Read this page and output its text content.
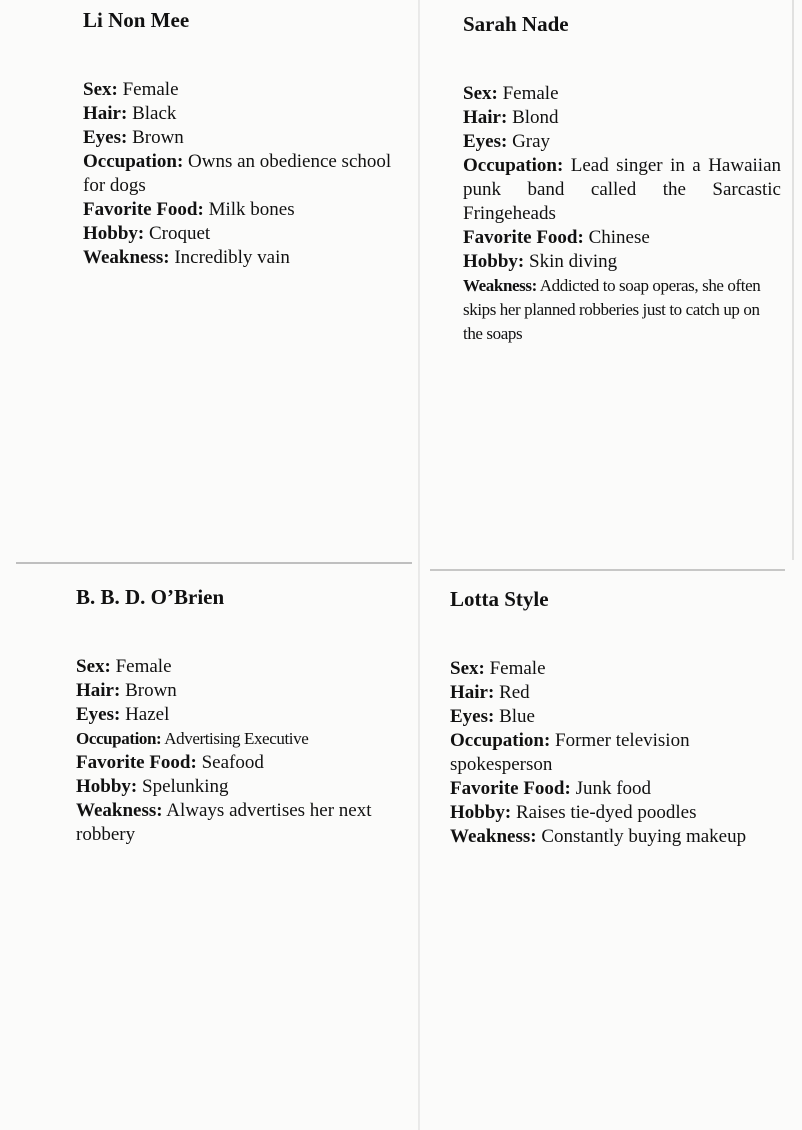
Li Non Mee

Sex: Female

Hair: Black

Eyes: Brown

Occupation: Owns an obedience school for dogs

Favorite Food: Milk bones

Hobby: Croquet

Weakness: Incredibly vain

Sarah Nade

Sex: Female

Hair: Blond

Eyes: Gray

Occupation: Lead singer in a Hawaiian punk band called the Sarcastic Fringeheads

Favorite Food: Chinese

Hobby: Skin diving

Weakness: Addicted to soap operas, she often skips her planned robberies just to catch up on the soaps

B. B. D. O’Brien

Sex: Female

Hair: Brown

Eyes: Hazel

Occupation: Advertising Executive

Favorite Food: Seafood

Hobby: Spelunking

Weakness: Always advertises her next robbery

Lotta Style

Sex: Female

Hair: Red

Eyes: Blue

Occupation: Former television spokesperson

Favorite Food: Junk food

Hobby: Raises tie-dyed poodles

Weakness: Constantly buying makeup
